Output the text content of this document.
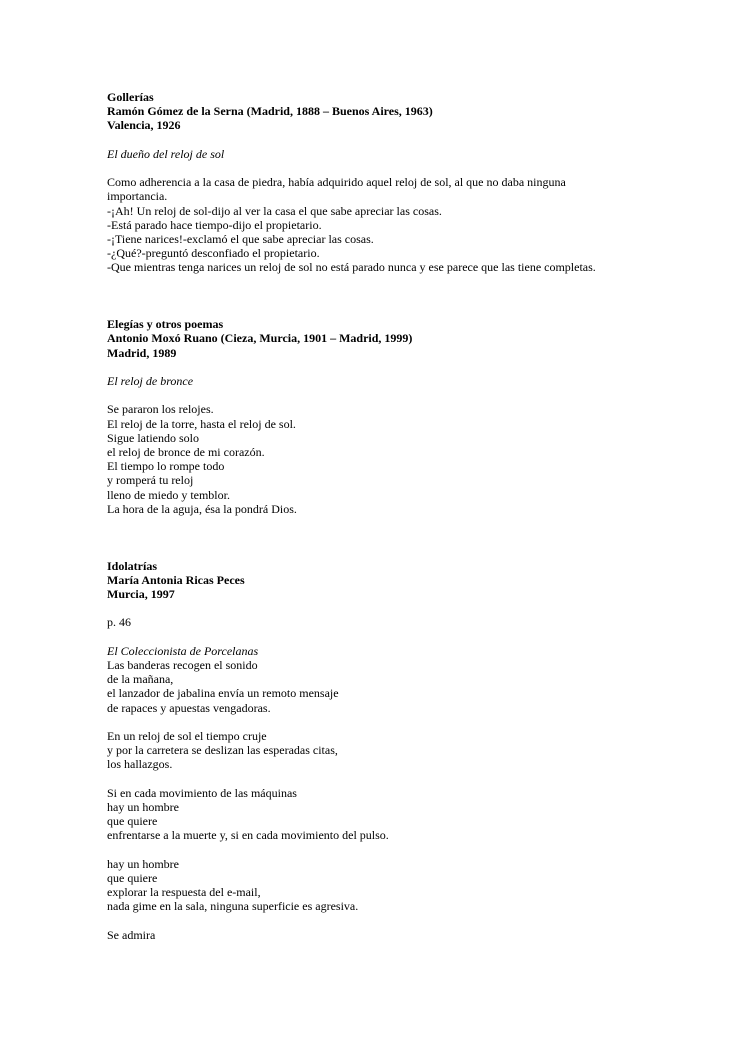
Gollerías
Ramón Gómez de la Serna (Madrid, 1888 – Buenos Aires, 1963)
Valencia, 1926
El dueño del reloj de sol
Como adherencia a la casa de piedra, había adquirido aquel reloj de sol, al que no daba ninguna
importancia.
-¡Ah! Un reloj de sol-dijo al ver la casa el que sabe apreciar las cosas.
-Está parado hace tiempo-dijo el propietario.
-¡Tiene narices!-exclamó el que sabe apreciar las cosas.
-¿Qué?-preguntó desconfiado el propietario.
-Que mientras tenga narices un reloj de sol no está parado nunca y ese parece que las tiene completas.
Elegías y otros poemas
Antonio Moxó Ruano (Cieza, Murcia, 1901 – Madrid, 1999)
Madrid, 1989
El reloj de bronce
Se pararon los relojes.
El reloj de la torre, hasta el reloj de sol.
Sigue latiendo solo
el reloj de bronce de mi corazón.
El tiempo lo rompe todo
y romperá tu reloj
lleno de miedo y temblor.
La hora de la aguja, ésa la pondrá Dios.
Idolatrías
María Antonia Ricas Peces
Murcia, 1997
p. 46
El Coleccionista de Porcelanas
Las banderas recogen el sonido
de la mañana,
el lanzador de jabalina envía un remoto mensaje
de rapaces y apuestas vengadoras.
En un reloj de sol el tiempo cruje
y por la carretera se deslizan las esperadas citas,
los hallazgos.
Si en cada movimiento de las máquinas
hay un hombre
que quiere
enfrentarse a la muerte y, si en cada movimiento del pulso.
hay un hombre
que quiere
explorar la respuesta del e-mail,
nada gime en la sala, ninguna superficie es agresiva.
Se admira
